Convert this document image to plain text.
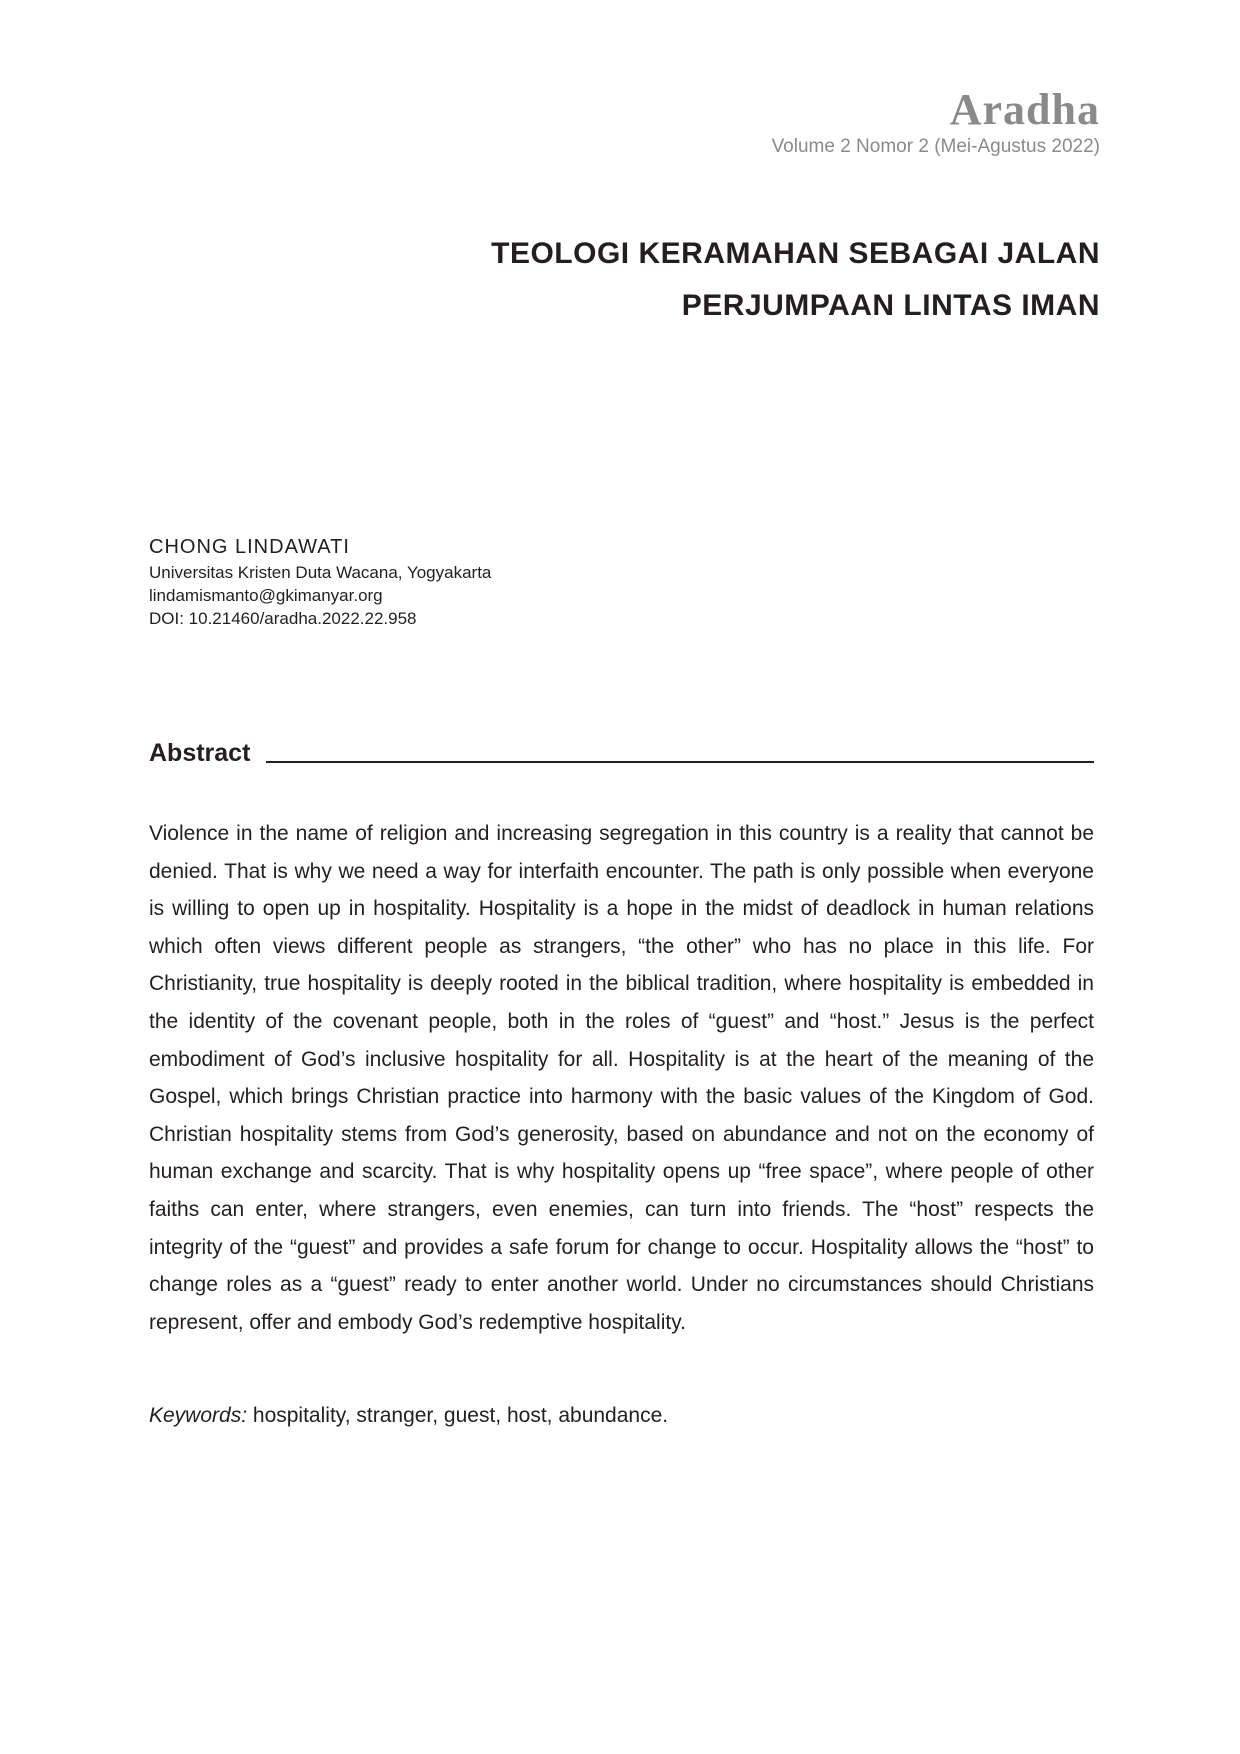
Aradha
Volume 2 Nomor 2 (Mei-Agustus 2022)
TEOLOGI KERAMAHAN SEBAGAI JALAN
PERJUMPAAN LINTAS IMAN
CHONG LINDAWATI
Universitas Kristen Duta Wacana, Yogyakarta
lindamismanto@gkimanyar.org
DOI: 10.21460/aradha.2022.22.958
Abstract

Violence in the name of religion and increasing segregation in this country is a reality that cannot be denied. That is why we need a way for interfaith encounter. The path is only possible when everyone is willing to open up in hospitality. Hospitality is a hope in the midst of deadlock in human relations which often views different people as strangers, “the other” who has no place in this life. For Christianity, true hospitality is deeply rooted in the biblical tradition, where hospitality is embedded in the identity of the covenant people, both in the roles of “guest” and “host.” Jesus is the perfect embodiment of God’s inclusive hospitality for all. Hospitality is at the heart of the meaning of the Gospel, which brings Christian practice into harmony with the basic values of the Kingdom of God. Christian hospitality stems from God’s generosity, based on abundance and not on the economy of human exchange and scarcity. That is why hospitality opens up “free space”, where people of other faiths can enter, where strangers, even enemies, can turn into friends. The “host” respects the integrity of the “guest” and provides a safe forum for change to occur. Hospitality allows the “host” to change roles as a “guest” ready to enter another world. Under no circumstances should Christians represent, offer and embody God’s redemptive hospitality.

Keywords: hospitality, stranger, guest, host, abundance.
